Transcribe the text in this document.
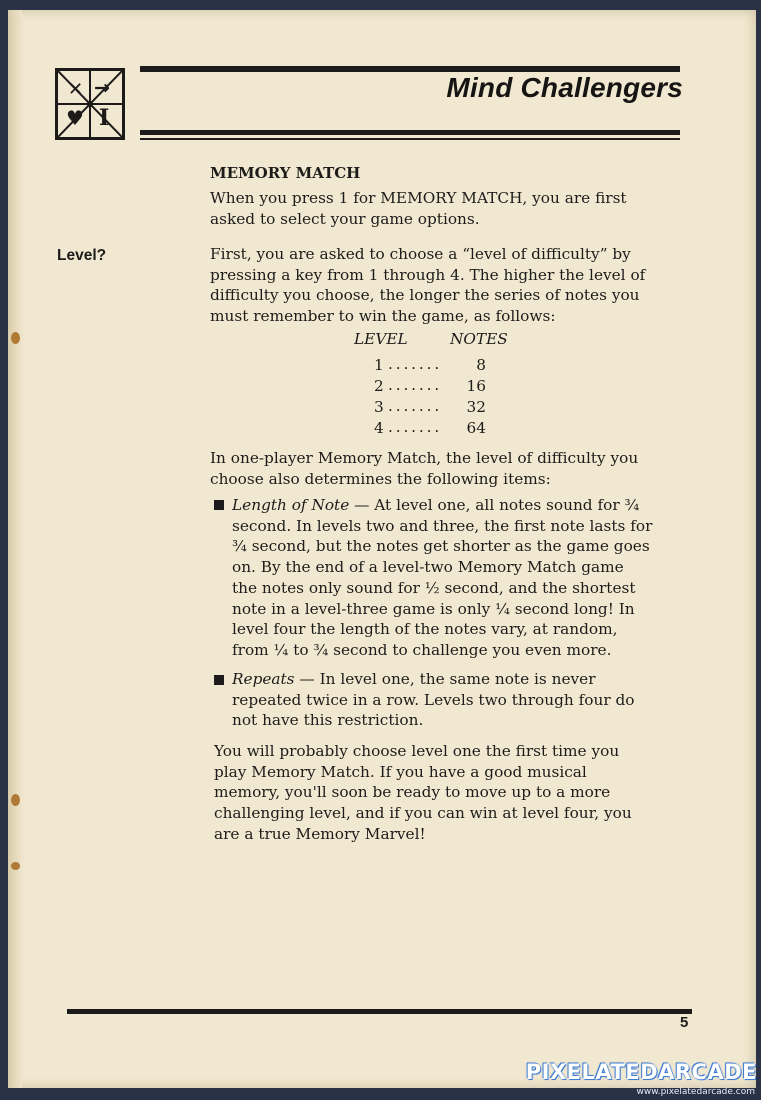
✕ →
♥ I
Mind Challengers
MEMORY MATCH
When you press 1 for MEMORY MATCH, you are first
asked to select your game options.
Level?	First, you are asked to choose a “level of difficulty” by
pressing a key from 1 through 4. The higher the level of
difficulty you choose, the longer the series of notes you
must remember to win the game, as follows:
LEVEL	NOTES
1 . . . . . . . 8
2 . . . . . . . 16
3 . . . . . . . 32
4 . . . . . . . 64
In one-player Memory Match, the level of difficulty you
choose also determines the following items:
Length of Note — At level one, all notes sound for ¾
second. In levels two and three, the first note lasts for
¾ second, but the notes get shorter as the game goes
on. By the end of a level-two Memory Match game
the notes only sound for ½ second, and the shortest
note in a level-three game is only ¼ second long! In
level four the length of the notes vary, at random,
from ¼ to ¾ second to challenge you even more.
Repeats — In level one, the same note is never
repeated twice in a row. Levels two through four do
not have this restriction.
You will probably choose level one the first time you
play Memory Match. If you have a good musical
memory, you'll soon be ready to move up to a more
challenging level, and if you can win at level four, you
are a true Memory Marvel!
5
PIXELATEDARCADE
www.pixelatedarcade.com
